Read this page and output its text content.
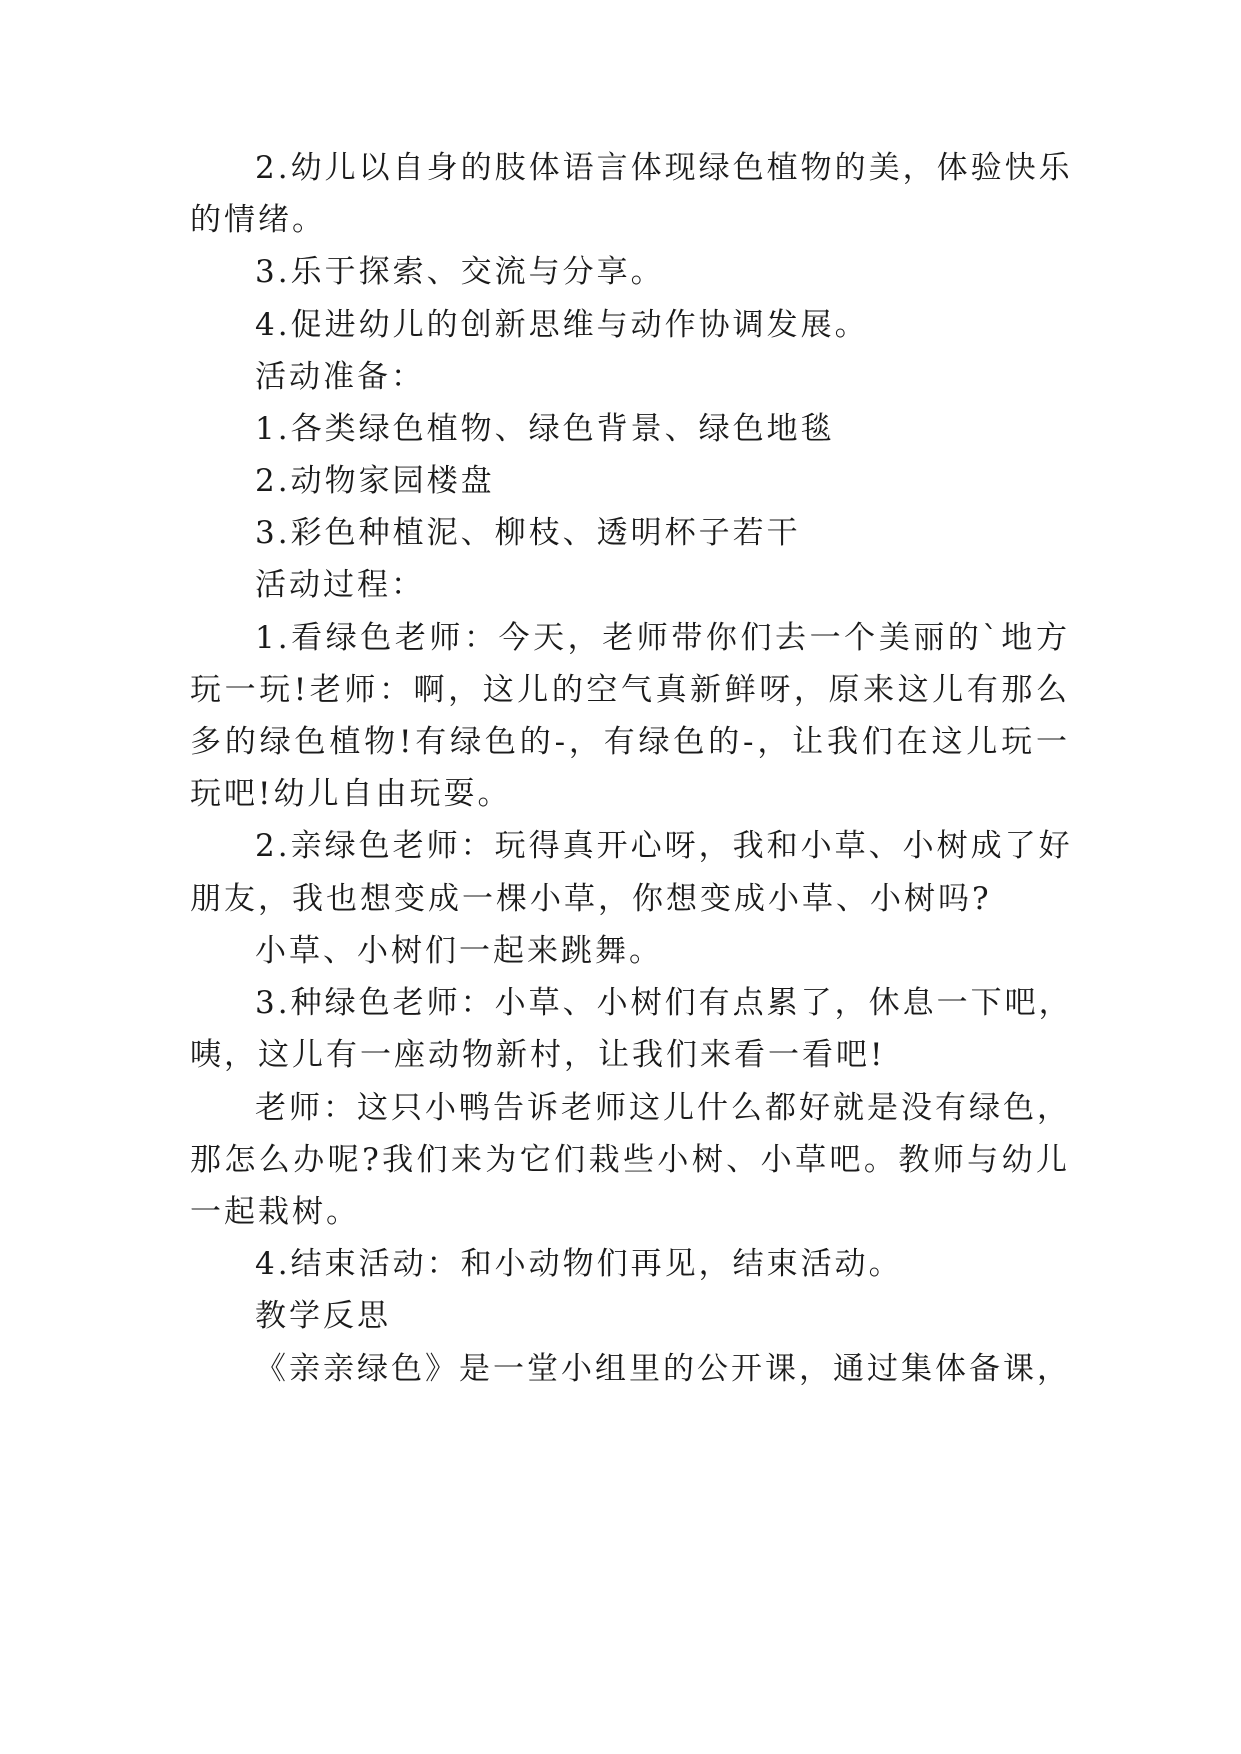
2.幼儿以自身的肢体语言体现绿色植物的美，体验快乐
的情绪。
3.乐于探索、交流与分享。
4.促进幼儿的创新思维与动作协调发展。
活动准备：
1.各类绿色植物、绿色背景、绿色地毯
2.动物家园楼盘
3.彩色种植泥、柳枝、透明杯子若干
活动过程：
1.看绿色老师：今天，老师带你们去一个美丽的`地方
玩一玩!老师：啊，这儿的空气真新鲜呀，原来这儿有那么
多的绿色植物!有绿色的-，有绿色的-，让我们在这儿玩一
玩吧!幼儿自由玩耍。
2.亲绿色老师：玩得真开心呀，我和小草、小树成了好
朋友，我也想变成一棵小草，你想变成小草、小树吗?
小草、小树们一起来跳舞。
3.种绿色老师：小草、小树们有点累了，休息一下吧，
咦，这儿有一座动物新村，让我们来看一看吧!
老师：这只小鸭告诉老师这儿什么都好就是没有绿色，
那怎么办呢?我们来为它们栽些小树、小草吧。教师与幼儿
一起栽树。
4.结束活动：和小动物们再见，结束活动。
教学反思
《亲亲绿色》是一堂小组里的公开课，通过集体备课，
